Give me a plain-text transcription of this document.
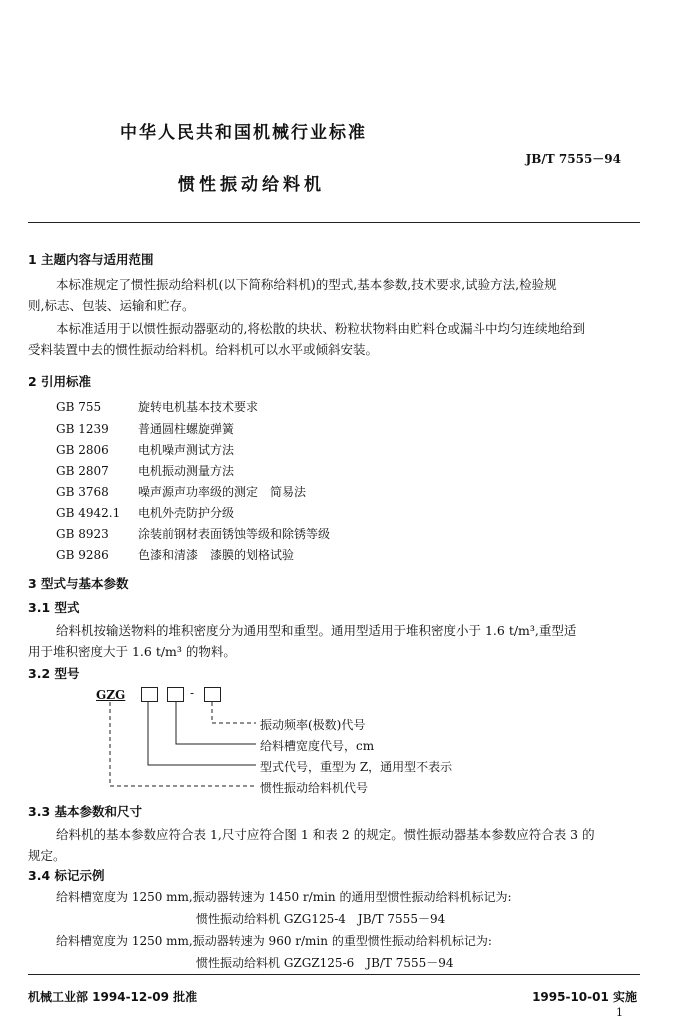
中华人民共和国机械行业标准
JB/T 7555－94
惯性振动给料机
1 主题内容与适用范围
本标准规定了惯性振动给料机(以下简称给料机)的型式,基本参数,技术要求,试验方法,检验规
则,标志、包装、运输和贮存。
本标准适用于以惯性振动器驱动的,将松散的块状、粉粒状物料由贮料仓或漏斗中均匀连续地给到
受料装置中去的惯性振动给料机。给料机可以水平或倾斜安装。
2 引用标准
GB 755	旋转电机基本技术要求
GB 1239 普通圆柱螺旋弹簧
GB 2806 电机噪声测试方法
GB 2807 电机振动测量方法
GB 3768 噪声源声功率级的测定　简易法
GB 4942.1 电机外壳防护分级
GB 8923 涂装前钢材表面锈蚀等级和除锈等级
GB 9286 色漆和清漆　漆膜的划格试验
3 型式与基本参数
3.1 型式
给料机按输送物料的堆积密度分为通用型和重型。通用型适用于堆积密度小于 1.6 t/m³,重型适
用于堆积密度大于 1.6 t/m³ 的物料。
3.2 型号
GZG	-
振动频率(极数)代号
给料槽宽度代号，cm
型式代号，重型为 Z，通用型不表示
惯性振动给料机代号
3.3 基本参数和尺寸
给料机的基本参数应符合表 1,尺寸应符合图 1 和表 2 的规定。惯性振动器基本参数应符合表 3 的
规定。
3.4 标记示例
给料槽宽度为 1250 mm,振动器转速为 1450 r/min 的通用型惯性振动给料机标记为:
惯性振动给料机 GZG125-4　JB/T 7555－94
给料槽宽度为 1250 mm,振动器转速为 960 r/min 的重型惯性振动给料机标记为:
惯性振动给料机 GZGZ125-6　JB/T 7555－94
机械工业部 1994-12-09 批准	1995-10-01 实施
1
